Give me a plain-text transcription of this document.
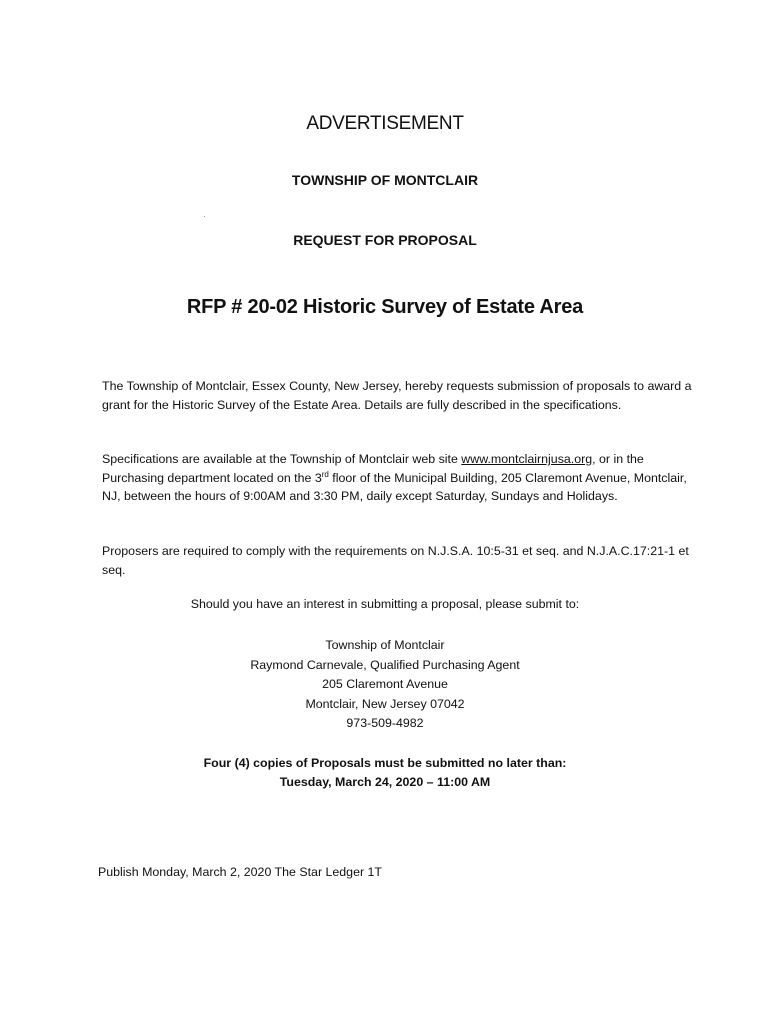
ADVERTISEMENT
TOWNSHIP OF MONTCLAIR
REQUEST FOR PROPOSAL
RFP # 20-02 Historic Survey of Estate Area
The Township of Montclair, Essex County, New Jersey, hereby requests submission of proposals to award a grant for the Historic Survey of the Estate Area. Details are fully described in the specifications.
Specifications are available at the Township of Montclair web site www.montclairnjusa.org, or in the Purchasing department located on the 3rd floor of the Municipal Building, 205 Claremont Avenue, Montclair, NJ, between the hours of 9:00AM and 3:30 PM, daily except Saturday, Sundays and Holidays.
Proposers are required to comply with the requirements on N.J.S.A. 10:5-31 et seq. and N.J.A.C.17:21-1 et seq.
Should you have an interest in submitting a proposal, please submit to:
Township of Montclair
Raymond Carnevale, Qualified Purchasing Agent
205 Claremont Avenue
Montclair, New Jersey 07042
973-509-4982
Four (4) copies of Proposals must be submitted no later than:
Tuesday, March 24, 2020 – 11:00 AM
Publish Monday, March 2, 2020 The Star Ledger 1T
